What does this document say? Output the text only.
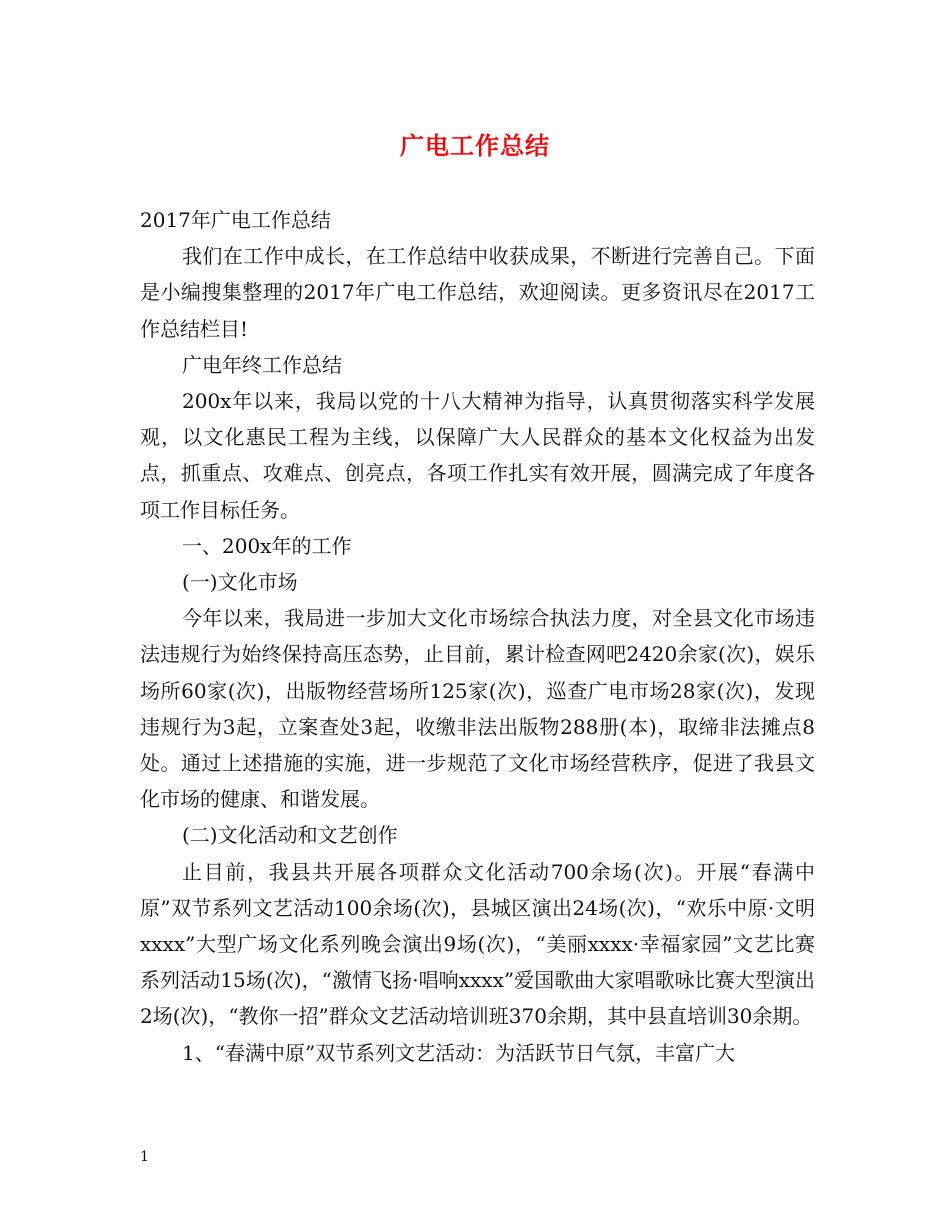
广电工作总结

2017年广电工作总结

我们在工作中成长，在工作总结中收获成果，不断进行完善自己。下面是小编搜集整理的2017年广电工作总结，欢迎阅读。更多资讯尽在2017工作总结栏目!

广电年终工作总结

200x年以来，我局以党的十八大精神为指导，认真贯彻落实科学发展观，以文化惠民工程为主线，以保障广大人民群众的基本文化权益为出发点，抓重点、攻难点、创亮点，各项工作扎实有效开展，圆满完成了年度各项工作目标任务。

一、200x年的工作

(一)文化市场

今年以来，我局进一步加大文化市场综合执法力度，对全县文化市场违法违规行为始终保持高压态势，止目前，累计检查网吧2420余家(次)，娱乐场所60家(次)，出版物经营场所125家(次)，巡查广电市场28家(次)，发现违规行为3起，立案查处3起，收缴非法出版物288册(本)，取缔非法摊点8处。通过上述措施的实施，进一步规范了文化市场经营秩序，促进了我县文化市场的健康、和谐发展。

(二)文化活动和文艺创作

止目前，我县共开展各项群众文化活动700余场(次)。开展“春满中原”双节系列文艺活动100余场(次)，县城区演出24场(次)，“欢乐中原·文明xxxx”大型广场文化系列晚会演出9场(次)，“美丽xxxx·幸福家园”文艺比赛系列活动15场(次)，“激情飞扬·唱响xxxx”爱国歌曲大家唱歌咏比赛大型演出2场(次)，“教你一招”群众文艺活动培训班370余期，其中县直培训30余期。

1、“春满中原”双节系列文艺活动：为活跃节日气氛，丰富广大

1
